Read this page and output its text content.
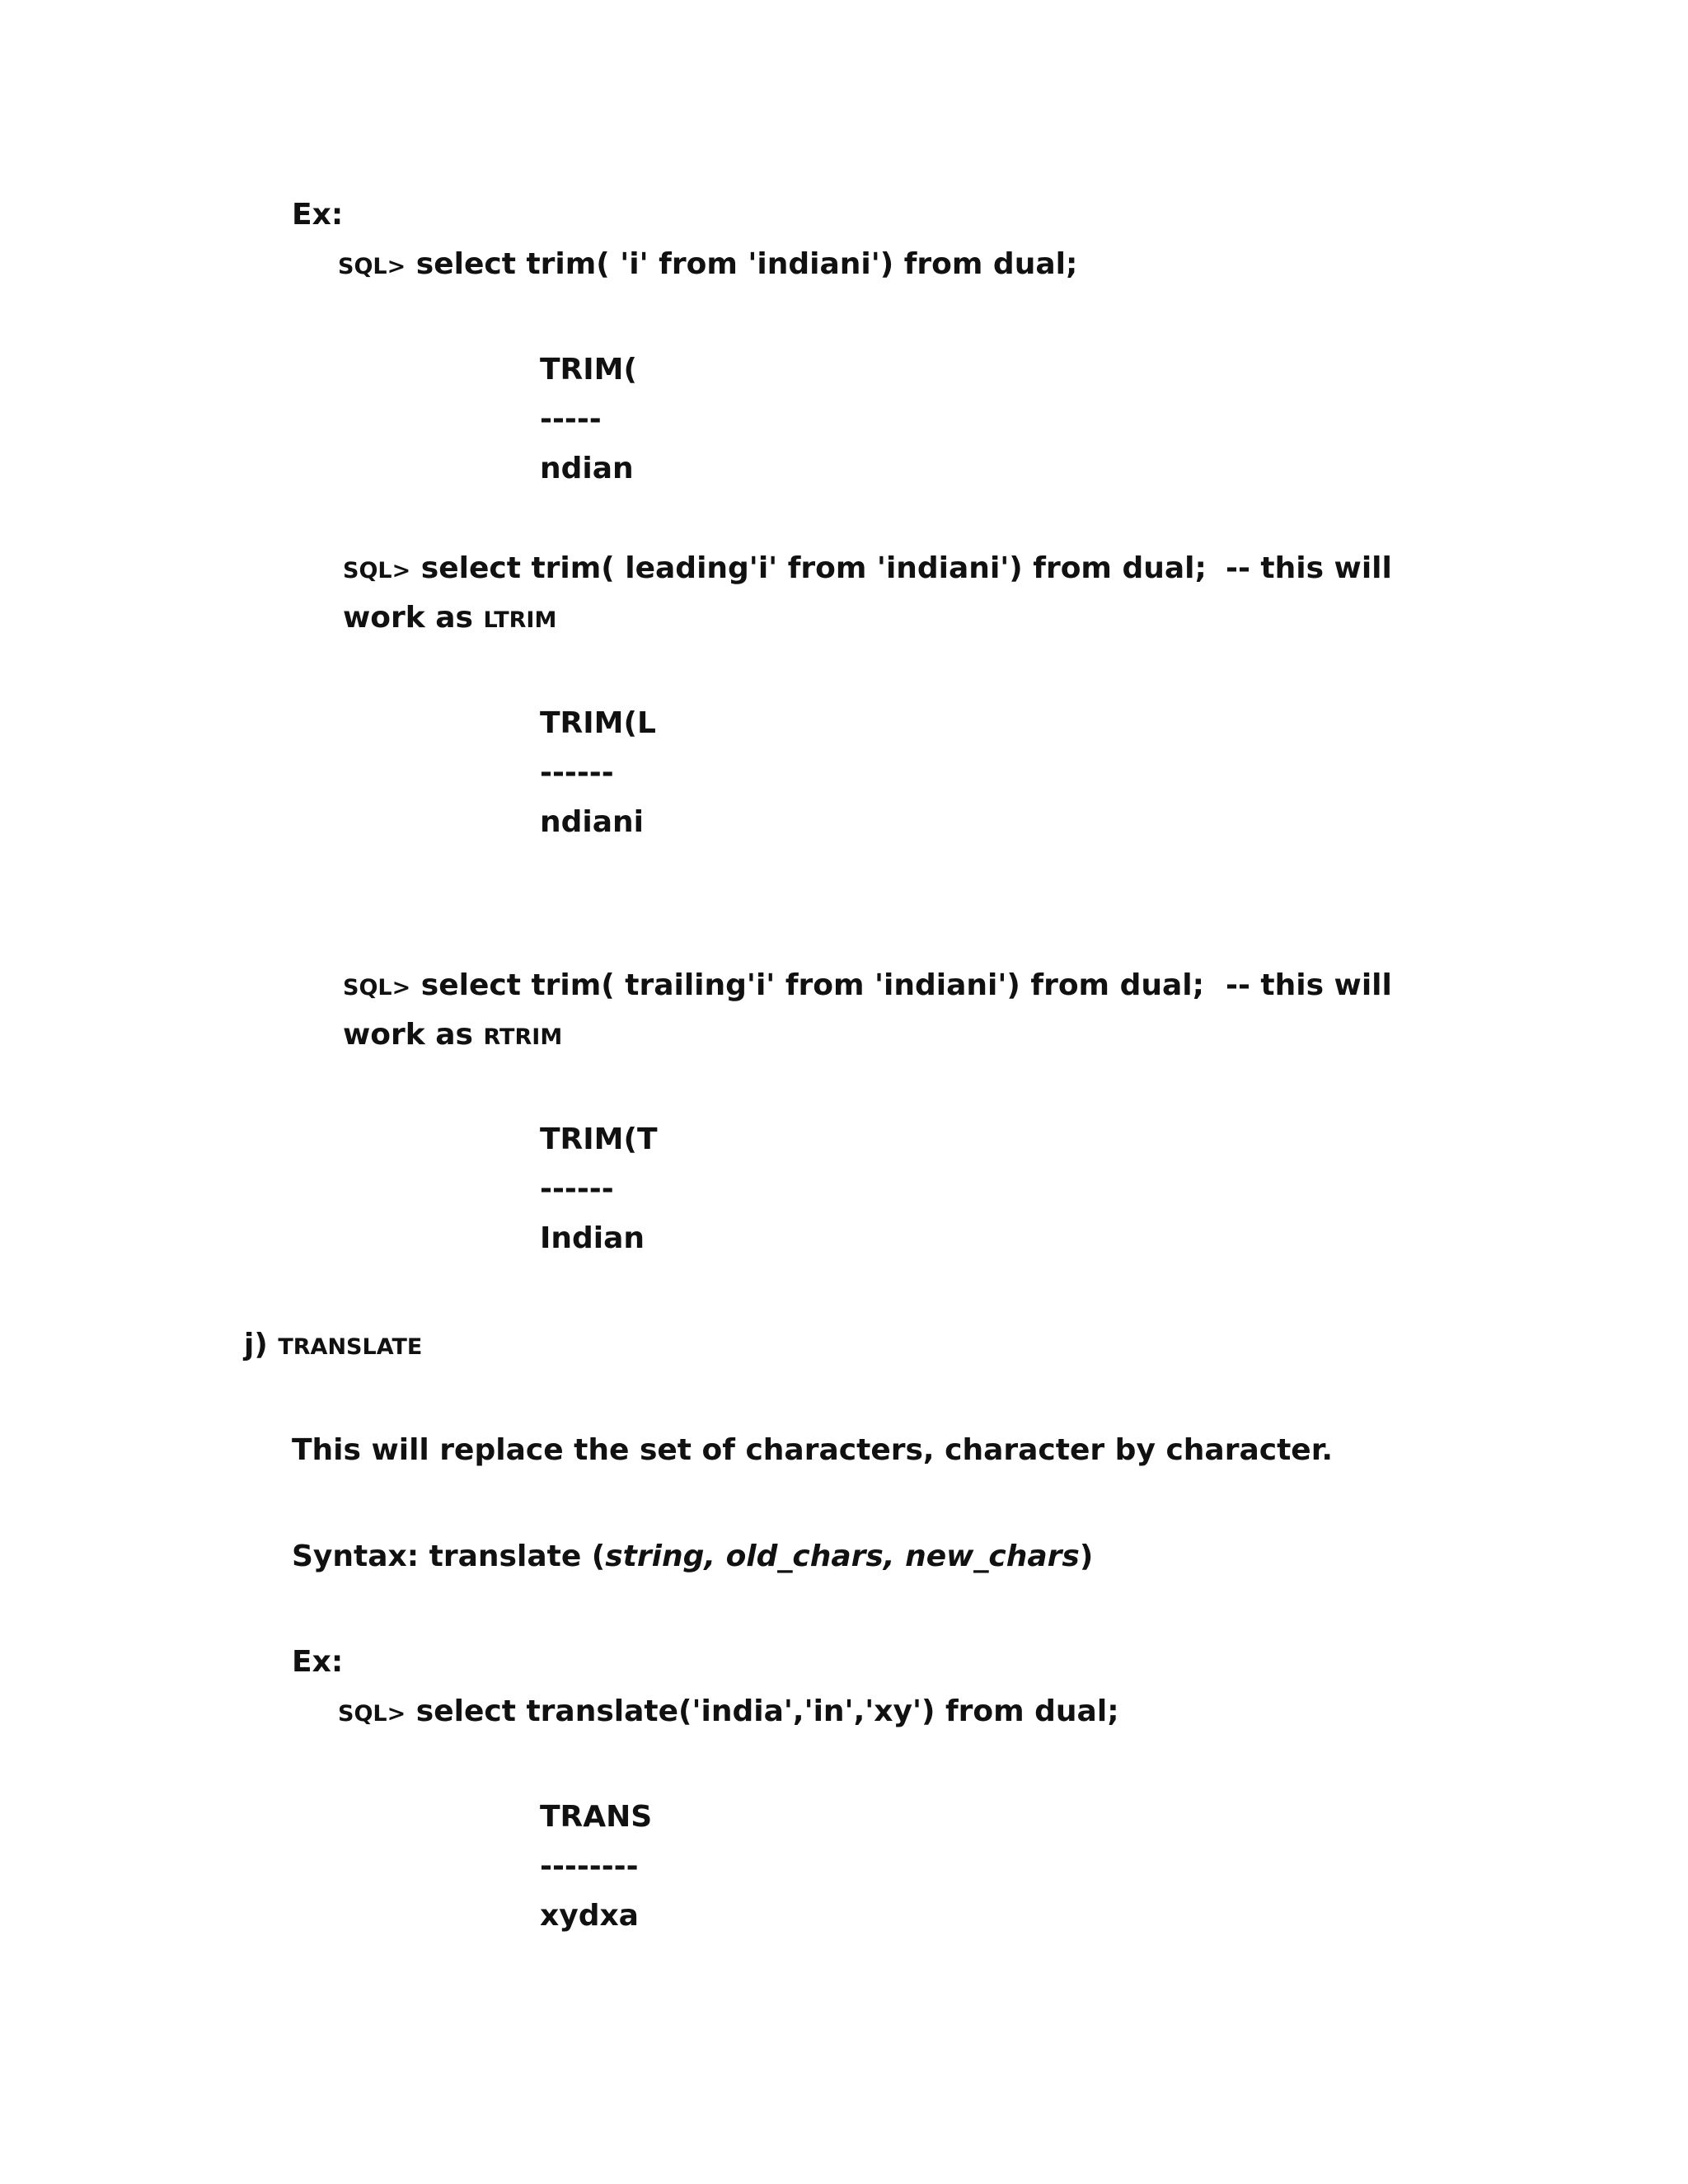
Ex:
SQL> select trim( 'i' from 'indiani') from dual;
TRIM(
-----
ndian
SQL> select trim( leading'i' from 'indiani') from dual; -- this will
work as LTRIM
TRIM(L
------
ndiani
SQL> select trim( trailing'i' from 'indiani') from dual; -- this will
work as RTRIM
TRIM(T
------
Indian
j) TRANSLATE
This will replace the set of characters, character by character.
Syntax: translate (string, old_chars, new_chars)
Ex:
SQL> select translate('india','in','xy') from dual;
TRANS
--------
xydxa
